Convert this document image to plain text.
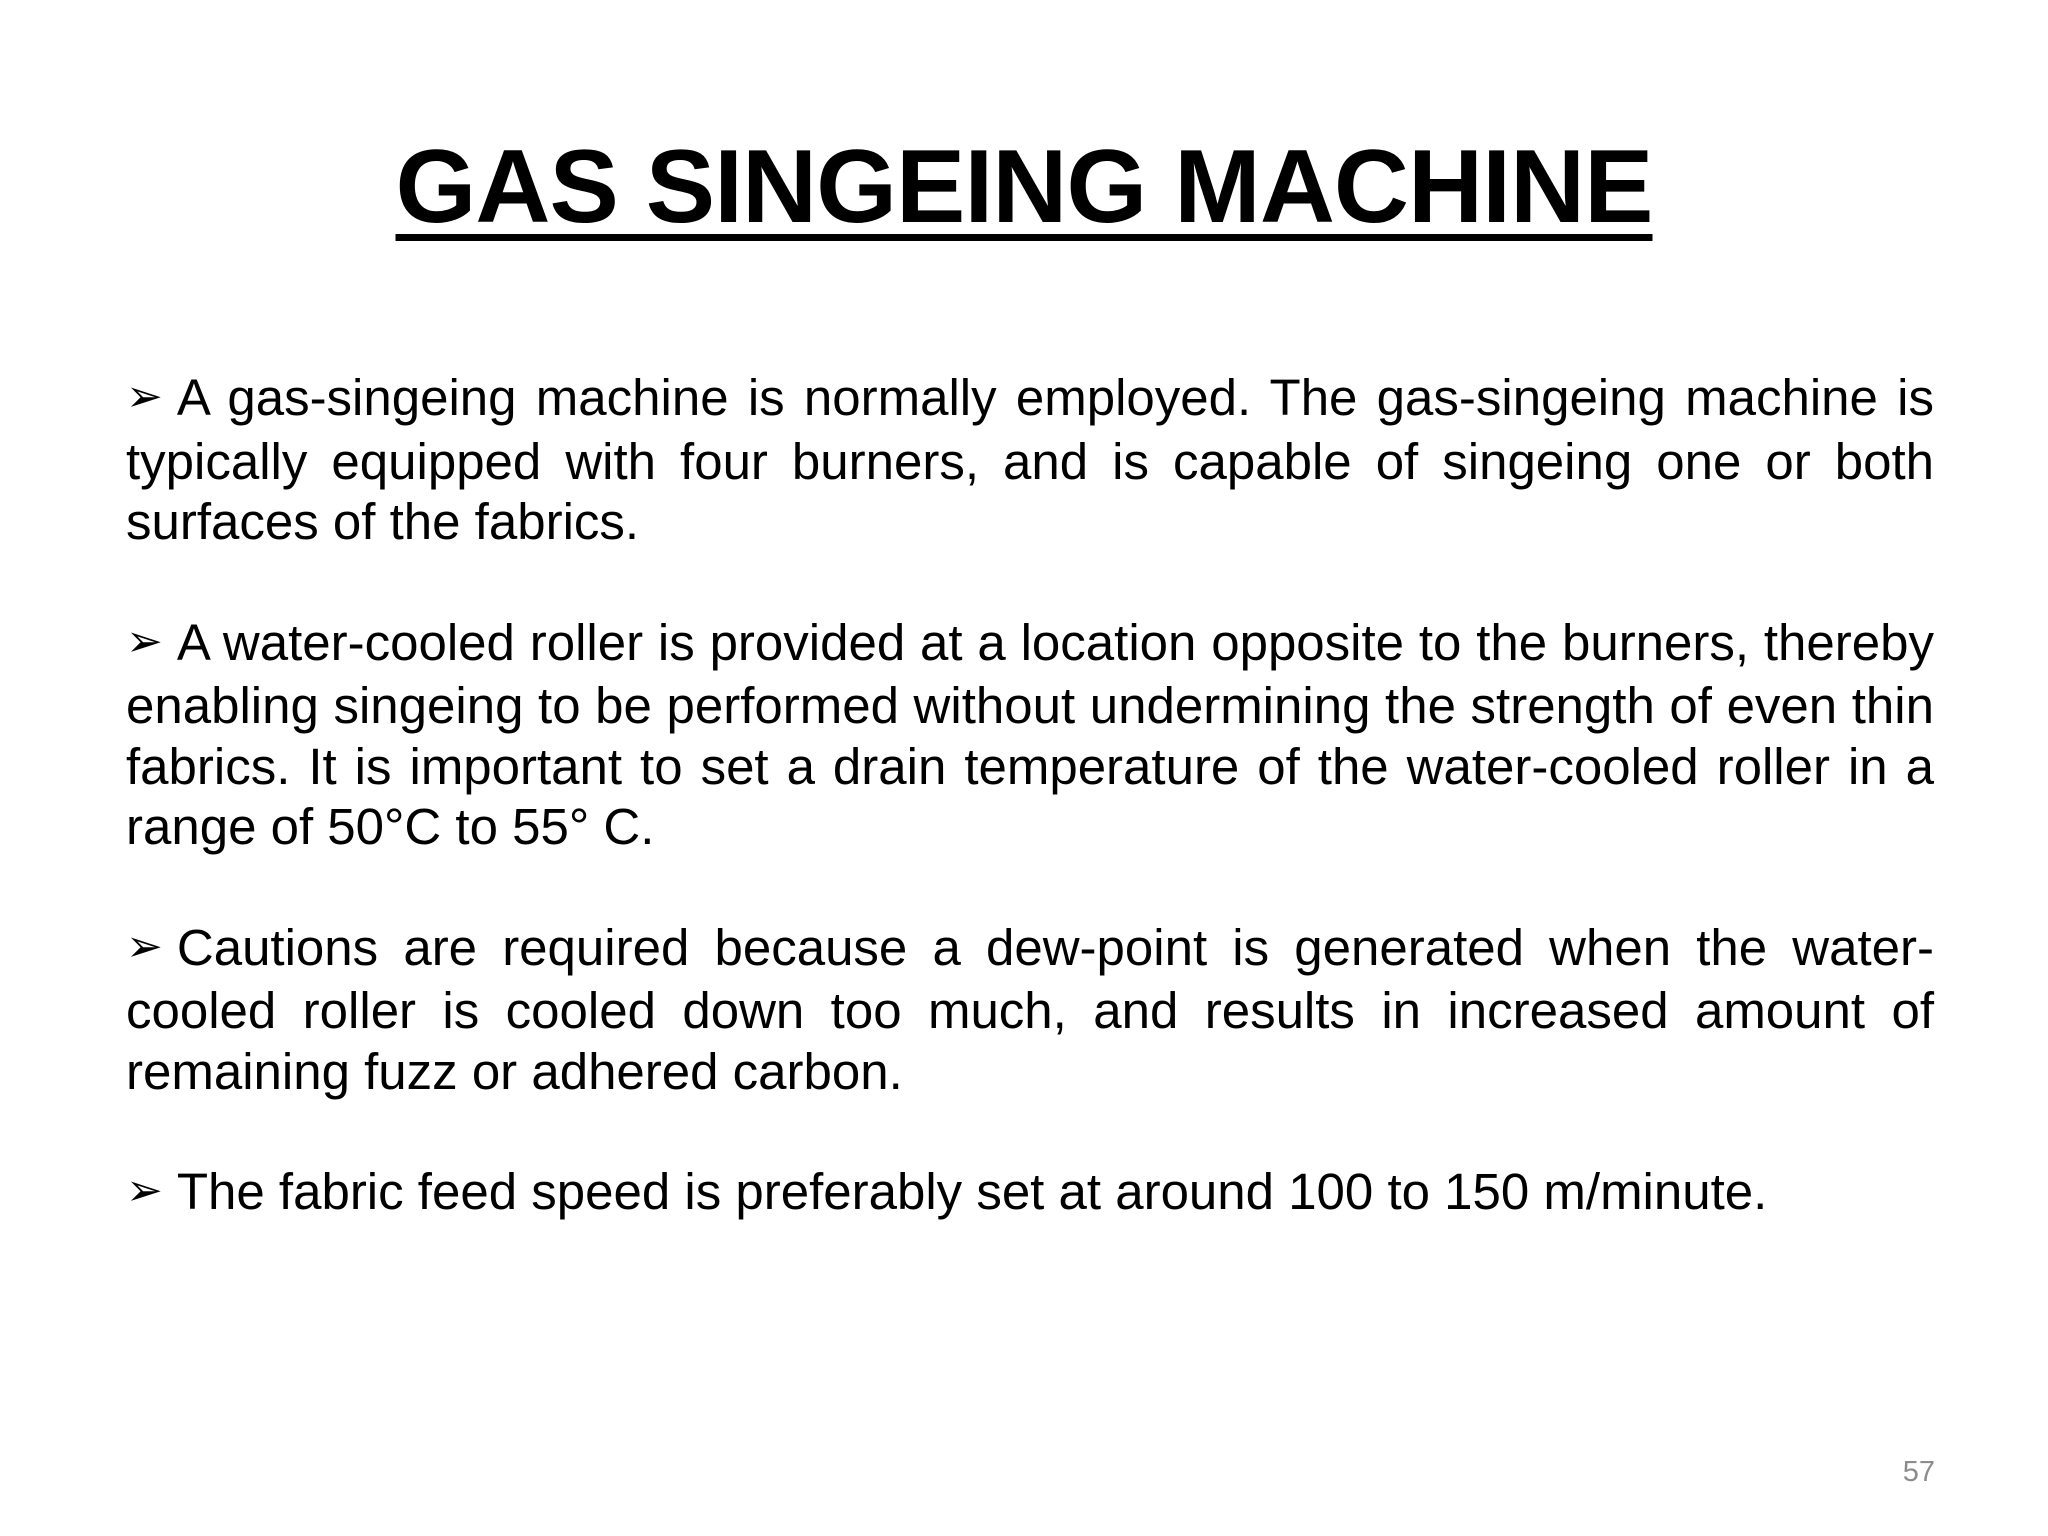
GAS SINGEING MACHINE
➢ A gas-singeing machine is normally employed. The gas-singeing machine is typically equipped with four burners, and is capable of singeing one or both surfaces of the fabrics.
➢ A water-cooled roller is provided at a location opposite to the burners, thereby enabling singeing to be performed without undermining the strength of even thin fabrics. It is important to set a drain temperature of the water-cooled roller in a range of 50°C to 55° C.
➢ Cautions are required because a dew-point is generated when the water-cooled roller is cooled down too much, and results in increased amount of remaining fuzz or adhered carbon.
➢ The fabric feed speed is preferably set at around 100 to 150 m/minute.
57
